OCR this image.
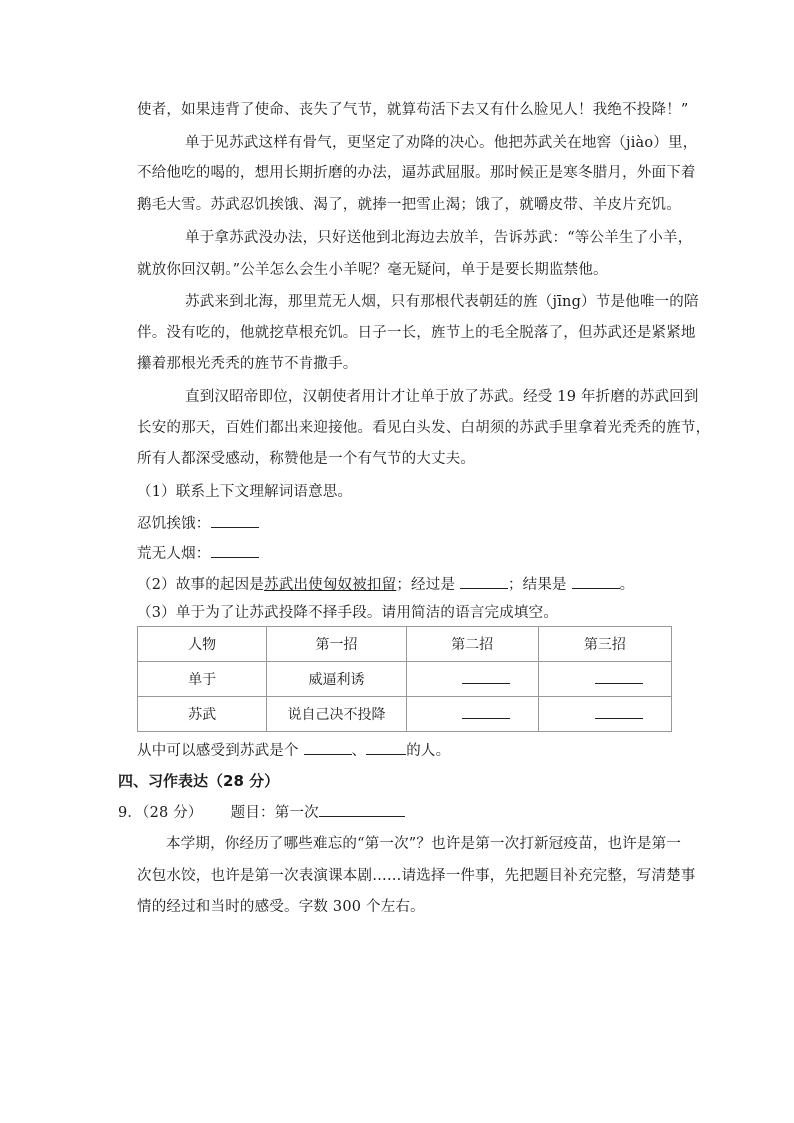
使者，如果违背了使命、丧失了气节，就算苟活下去又有什么脸见人！我绝不投降！”
单于见苏武这样有骨气，更坚定了劝降的决心。他把苏武关在地窖（jiào）里，
不给他吃的喝的，想用长期折磨的办法，逼苏武屈服。那时候正是寒冬腊月，外面下着
鹅毛大雪。苏武忍饥挨饿、渴了，就捧一把雪止渴；饿了，就嚼皮带、羊皮片充饥。
单于拿苏武没办法，只好送他到北海边去放羊，告诉苏武：“等公羊生了小羊，
就放你回汉朝。”公羊怎么会生小羊呢？毫无疑问，单于是要长期监禁他。
苏武来到北海，那里荒无人烟，只有那根代表朝廷的旌（jīng）节是他唯一的陪
伴。没有吃的，他就挖草根充饥。日子一长，旌节上的毛全脱落了，但苏武还是紧紧地
攥着那根光秃秃的旌节不肯撒手。
直到汉昭帝即位，汉朝使者用计才让单于放了苏武。经受 19 年折磨的苏武回到
长安的那天，百姓们都出来迎接他。看见白头发、白胡须的苏武手里拿着光秃秃的旌节，
所有人都深受感动，称赞他是一个有气节的大丈夫。
（1）联系上下文理解词语意思。
忍饥挨饿：
荒无人烟：
（2）故事的起因是苏武出使匈奴被扣留；经过是	；结果是	。
（3）单于为了让苏武投降不择手段。请用简洁的语言完成填空。
人物	第一招	第二招	第三招
单于	威逼利诱		
苏武	说自己决不投降		
从中可以感受到苏武是个	、	的人。
四、习作表达（28 分）
9．（28 分） 题目：第一次
本学期，你经历了哪些难忘的“第一次”？也许是第一次打新冠疫苗，也许是第一
次包水饺，也许是第一次表演课本剧……请选择一件事，先把题目补充完整，写清楚事
情的经过和当时的感受。字数 300 个左右。
